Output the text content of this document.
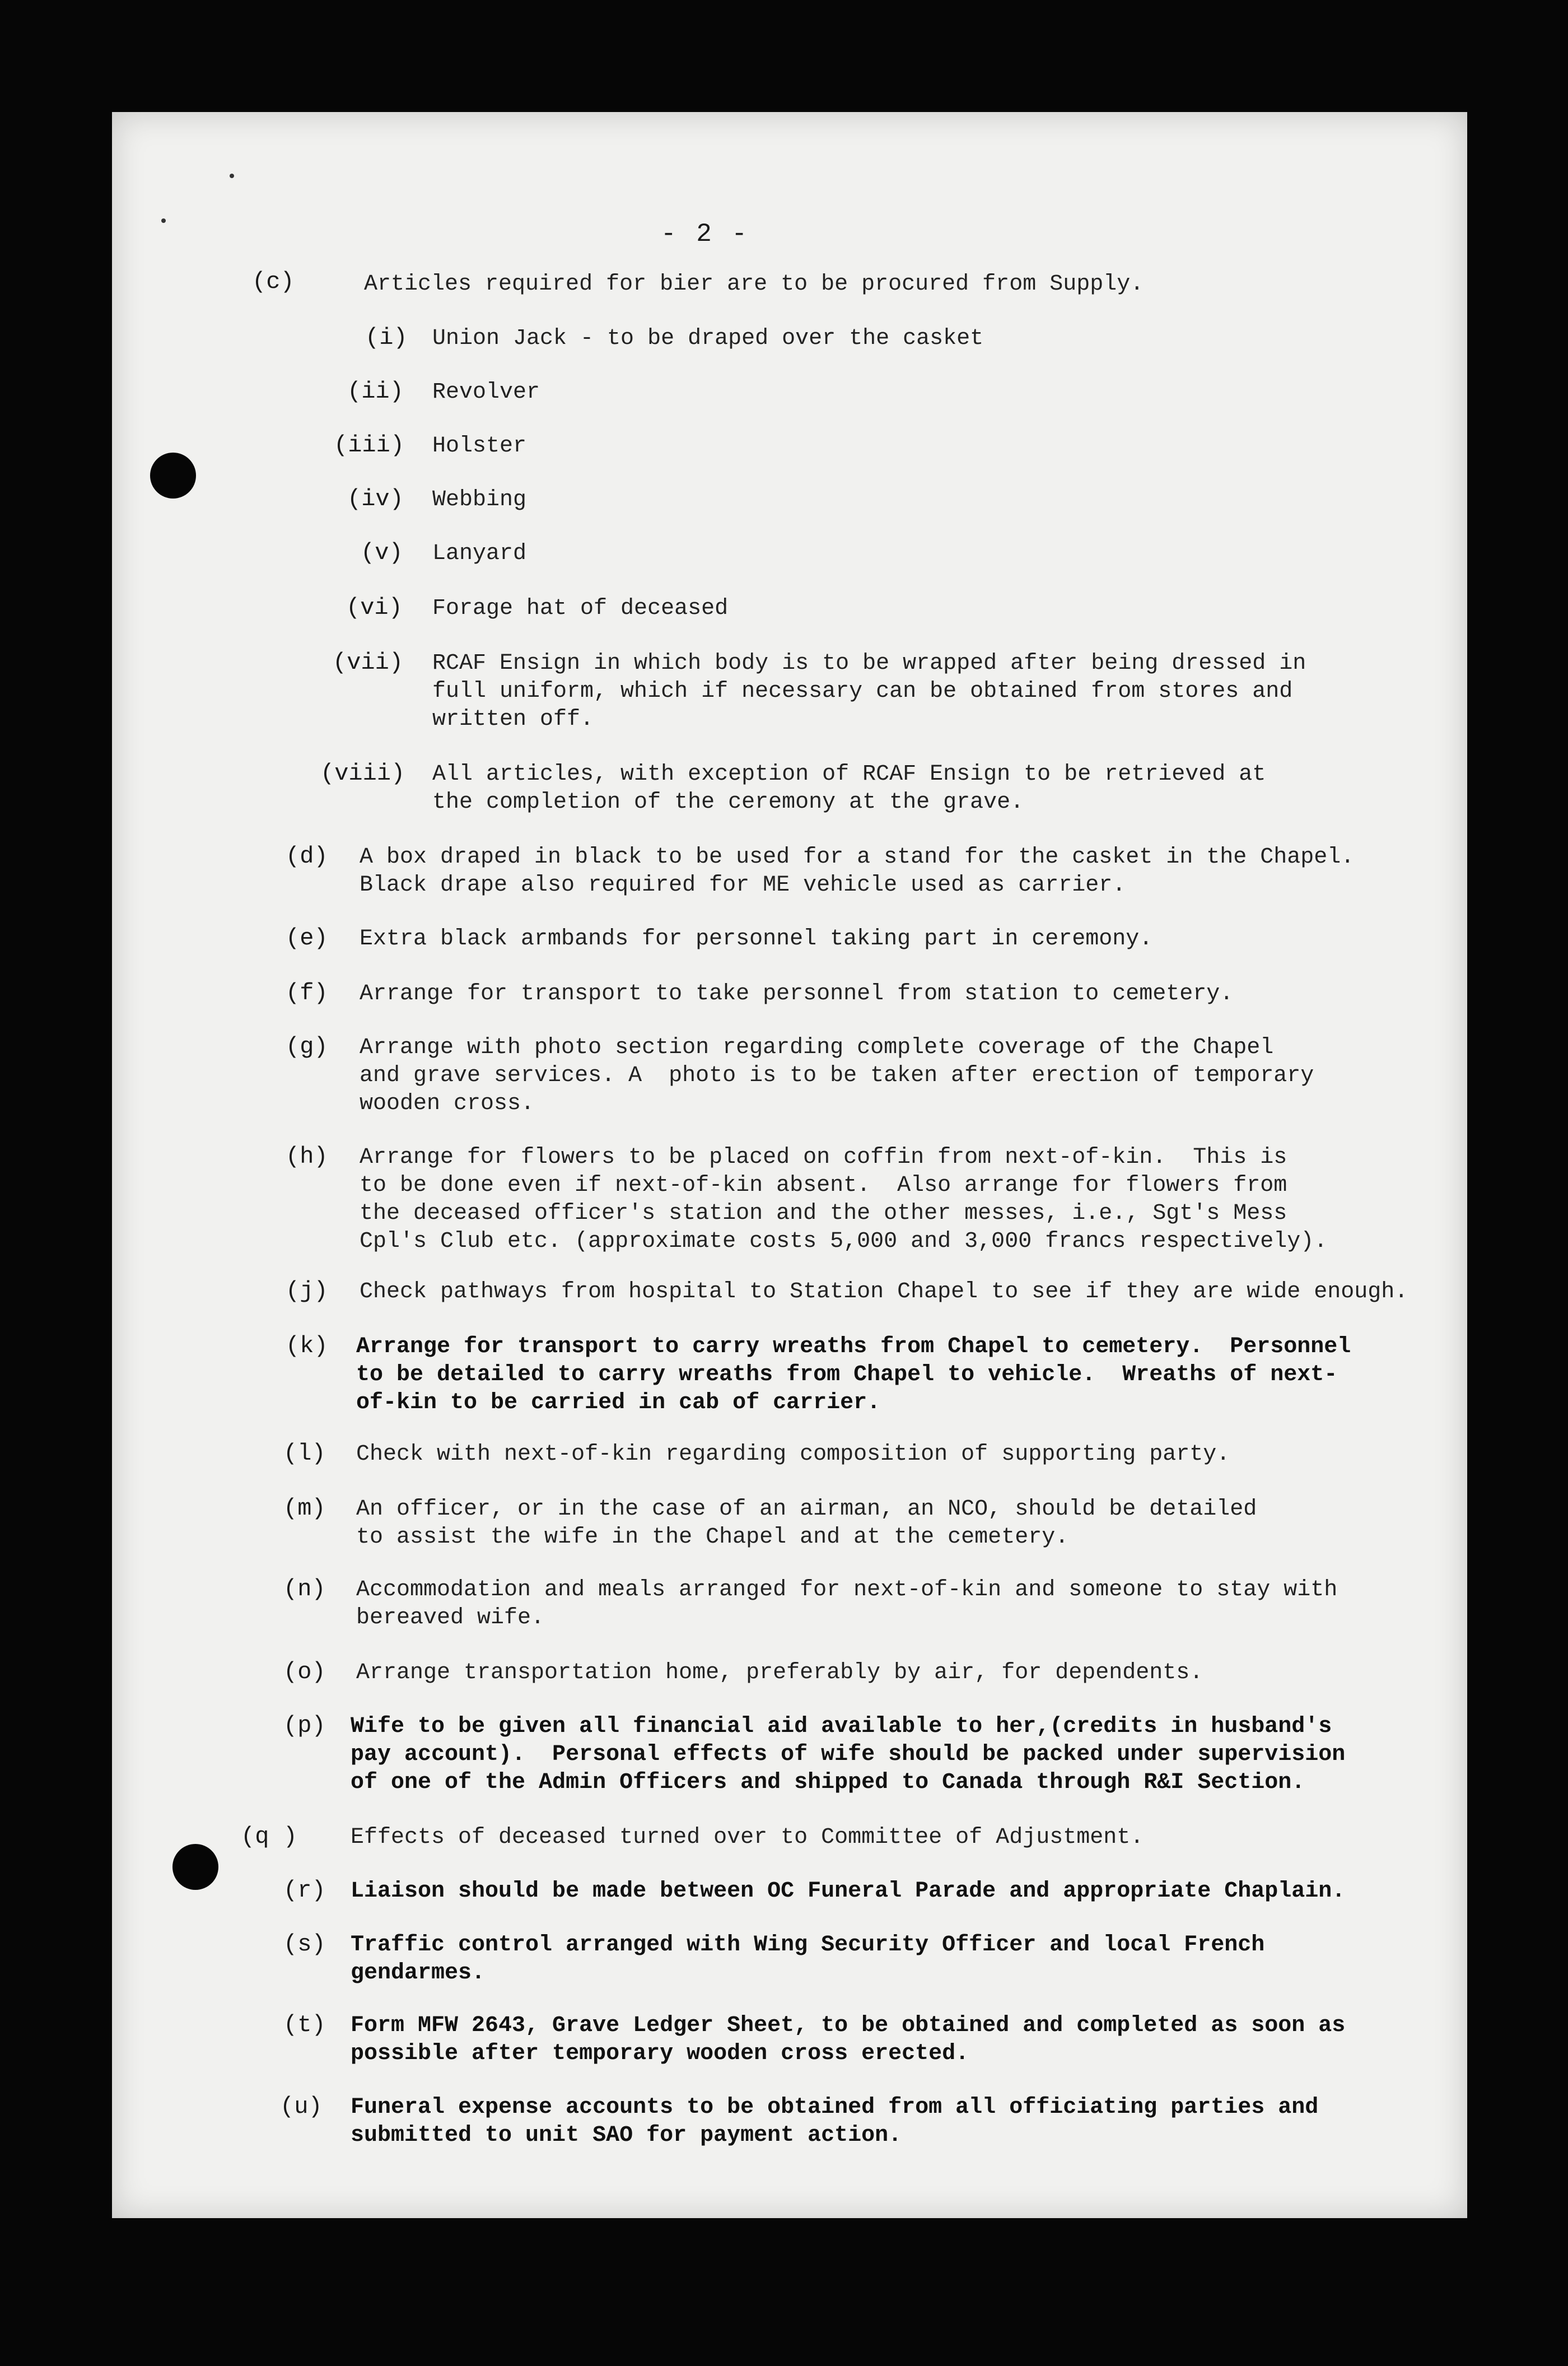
- 2 -
(c)	Articles required for bier are to be procured from Supply.
(i) Union Jack - to be draped over the casket
(ii) Revolver
(iii) Holster
(iv) Webbing
(v) Lanyard
(vi) Forage hat of deceased
(vii) RCAF Ensign in which body is to be wrapped after being dressed in
full uniform, which if necessary can be obtained from stores and
written off.
(viii) All articles, with exception of RCAF Ensign to be retrieved at
the completion of the ceremony at the grave.
(d) A box draped in black to be used for a stand for the casket in the Chapel.
Black drape also required for ME vehicle used as carrier.
(e) Extra black armbands for personnel taking part in ceremony.
(f) Arrange for transport to take personnel from station to cemetery.
(g) Arrange with photo section regarding complete coverage of the Chapel
and grave services. A  photo is to be taken after erection of temporary
wooden cross.
(h) Arrange for flowers to be placed on coffin from next-of-kin.  This is
to be done even if next-of-kin absent.  Also arrange for flowers from
the deceased officer's station and the other messes, i.e., Sgt's Mess
Cpl's Club etc. (approximate costs 5,000 and 3,000 francs respectively).
(j) Check pathways from hospital to Station Chapel to see if they are wide enough.
(k) Arrange for transport to carry wreaths from Chapel to cemetery.  Personnel
to be detailed to carry wreaths from Chapel to vehicle.  Wreaths of next-
of-kin to be carried in cab of carrier.
(l) Check with next-of-kin regarding composition of supporting party.
(m) An officer, or in the case of an airman, an NCO, should be detailed
to assist the wife in the Chapel and at the cemetery.
(n) Accommodation and meals arranged for next-of-kin and someone to stay with
bereaved wife.
(o) Arrange transportation home, preferably by air, for dependents.
(p) Wife to be given all financial aid available to her,(credits in husband's
pay account).  Personal effects of wife should be packed under supervision
of one of the Admin Officers and shipped to Canada through R&I Section.
(q ) Effects of deceased turned over to Committee of Adjustment.
(r) Liaison should be made between OC Funeral Parade and appropriate Chaplain.
(s) Traffic control arranged with Wing Security Officer and local French
gendarmes.
(t) Form MFW 2643, Grave Ledger Sheet, to be obtained and completed as soon as
possible after temporary wooden cross erected.
(u) Funeral expense accounts to be obtained from all officiating parties and
submitted to unit SAO for payment action.
